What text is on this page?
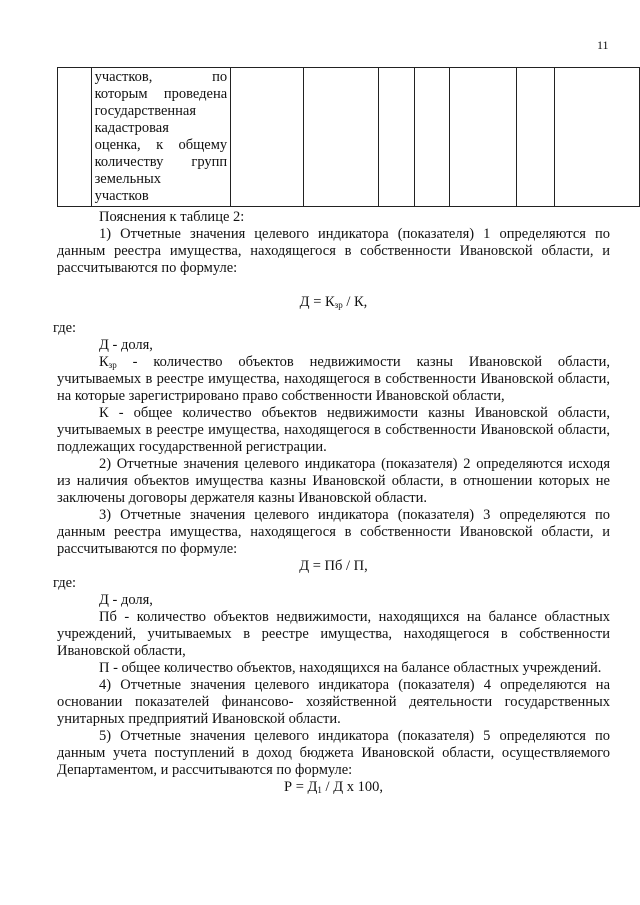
11

участков, по
которым проведена
государственная
кадастровая
оценка, к общему
количеству групп
земельных
участков

Пояснения к таблице 2:

1) Отчетные значения целевого индикатора (показателя) 1 определяются по данным реестра имущества, находящегося в собственности Ивановской области, и рассчитываются по формуле:

$Д = К_{зр} / К$,

где:

Д - доля,

$К_{зр}$ - количество объектов недвижимости казны Ивановской области, учитываемых в реестре имущества, находящегося в собственности Ивановской области, на которые зарегистрировано право собственности Ивановской области,

К - общее количество объектов недвижимости казны Ивановской области, учитываемых в реестре имущества, находящегося в собственности Ивановской области, подлежащих государственной регистрации.

2) Отчетные значения целевого индикатора (показателя) 2 определяются исходя из наличия объектов имущества казны Ивановской области, в отношении которых не заключены договоры держателя казны Ивановской области.

3) Отчетные значения целевого индикатора (показателя) 3 определяются по данным реестра имущества, находящегося в собственности Ивановской области, и рассчитываются по формуле:

Д = Пб / П,

где:

Д - доля,

Пб - количество объектов недвижимости, находящихся на балансе областных учреждений, учитываемых в реестре имущества, находящегося в собственности Ивановской области,

П - общее количество объектов, находящихся на балансе областных учреждений.

4) Отчетные значения целевого индикатора (показателя) 4 определяются на основании показателей финансово- хозяйственной деятельности государственных унитарных предприятий Ивановской области.

5) Отчетные значения целевого индикатора (показателя) 5 определяются по данным учета поступлений в доход бюджета Ивановской области, осуществляемого Департаментом, и рассчитываются по формуле:

$Р = Д_1 / Д$ x 100,
